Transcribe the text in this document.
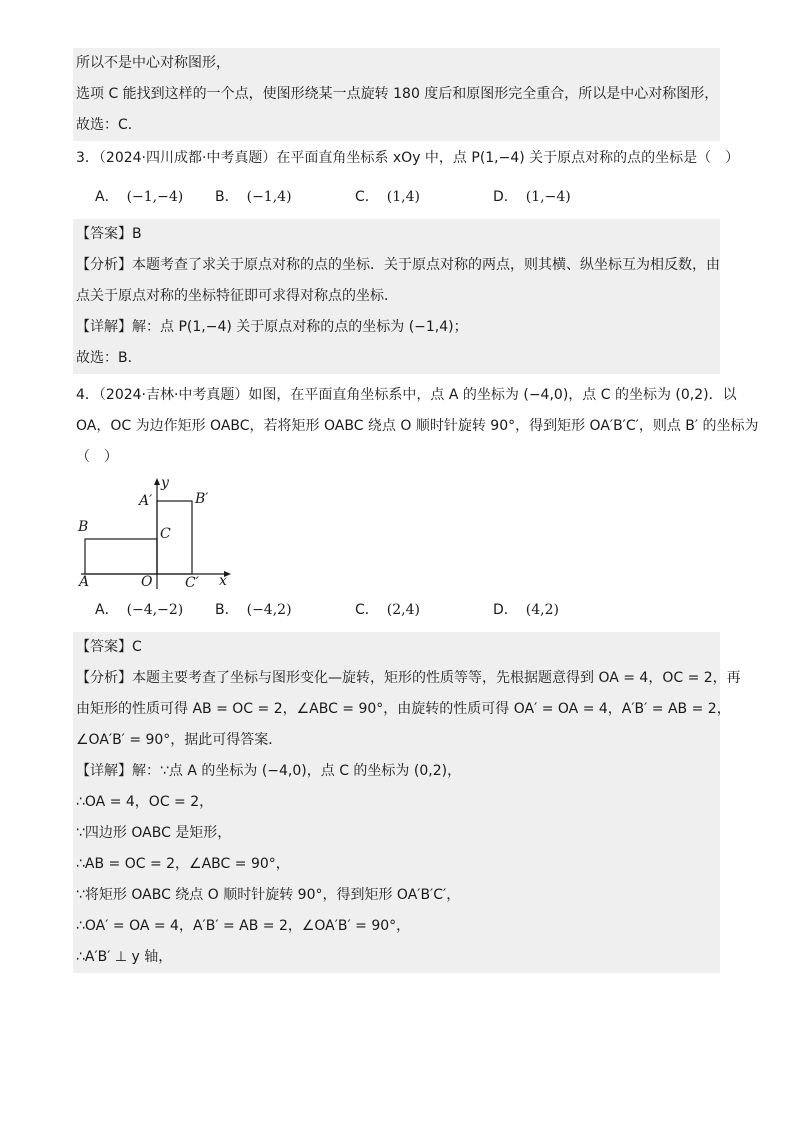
所以不是中心对称图形，
选项 C 能找到这样的一个点，使图形绕某一点旋转 180 度后和原图形完全重合，所以是中心对称图形，
故选：C．
3．（2024·四川成都·中考真题）在平面直角坐标系 xOy 中，点 P(1,−4) 关于原点对称的点的坐标是（　）
A． (−1,−4)	B． (−1,4)	C． (1,4)	D． (1,−4)
【答案】B
【分析】本题考查了求关于原点对称的点的坐标．关于原点对称的两点，则其横、纵坐标互为相反数，由
点关于原点对称的坐标特征即可求得对称点的坐标．
【详解】解：点 P(1,−4) 关于原点对称的点的坐标为 (−1,4)；
故选：B．
4．（2024·吉林·中考真题）如图，在平面直角坐标系中，点 A 的坐标为 (−4,0)，点 C 的坐标为 (0,2)．以
OA，OC 为边作矩形 OABC，若将矩形 OABC 绕点 O 顺时针旋转 90°，得到矩形 OA′B′C′，则点 B′ 的坐标为
（　）
y
x
A′	B′
B	C
A	O C′
A． (−4,−2)	B． (−4,2)	C． (2,4)	D． (4,2)
【答案】C
【分析】本题主要考查了坐标与图形变化—旋转，矩形的性质等等，先根据题意得到 OA = 4，OC = 2，再
由矩形的性质可得 AB = OC = 2，∠ABC = 90°，由旋转的性质可得 OA′ = OA = 4，A′B′ = AB = 2，
∠OA′B′ = 90°，据此可得答案．
【详解】解：∵点 A 的坐标为 (−4,0)，点 C 的坐标为 (0,2)，
∴OA = 4，OC = 2，
∵四边形 OABC 是矩形，
∴AB = OC = 2，∠ABC = 90°，
∵将矩形 OABC 绕点 O 顺时针旋转 90°，得到矩形 OA′B′C′，
∴OA′ = OA = 4，A′B′ = AB = 2，∠OA′B′ = 90°，
∴A′B′ ⊥ y 轴，
